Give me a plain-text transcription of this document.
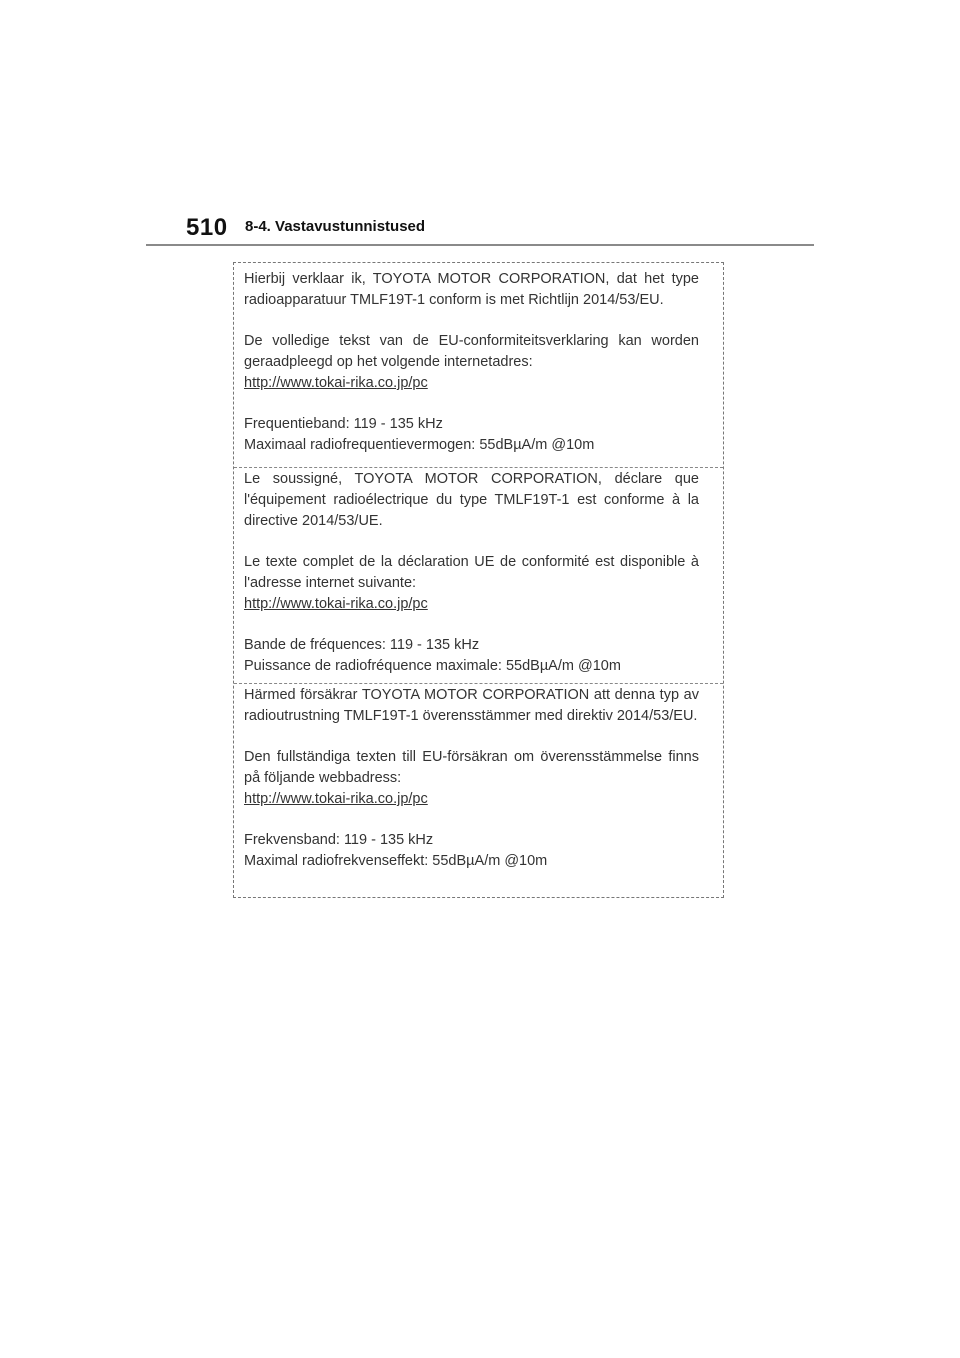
510 8-4. Vastavustunnistused

Hierbij verklaar ik, TOYOTA MOTOR CORPORATION, dat het type radioapparatuur TMLF19T-1 conform is met Richtlijn 2014/53/EU.

De volledige tekst van de EU-conformiteitsverklaring kan worden geraadpleegd op het volgende internetadres:

http://www.tokai-rika.co.jp/pc

Frequentieband: 119 - 135 kHz

Maximaal radiofrequentievermogen: 55dBµA/m @10m

Le soussigné, TOYOTA MOTOR CORPORATION, déclare que l'équipement radioélectrique du type TMLF19T-1 est conforme à la directive 2014/53/UE.

Le texte complet de la déclaration UE de conformité est disponible à l'adresse internet suivante:

http://www.tokai-rika.co.jp/pc

Bande de fréquences: 119 - 135 kHz

Puissance de radiofréquence maximale: 55dBµA/m @10m

Härmed försäkrar TOYOTA MOTOR CORPORATION att denna typ av radioutrustning TMLF19T-1 överensstämmer med direktiv 2014/53/EU.

Den fullständiga texten till EU-försäkran om överensstämmelse finns på följande webbadress:

http://www.tokai-rika.co.jp/pc

Frekvensband: 119 - 135 kHz

Maximal radiofrekvenseffekt: 55dBµA/m @10m
